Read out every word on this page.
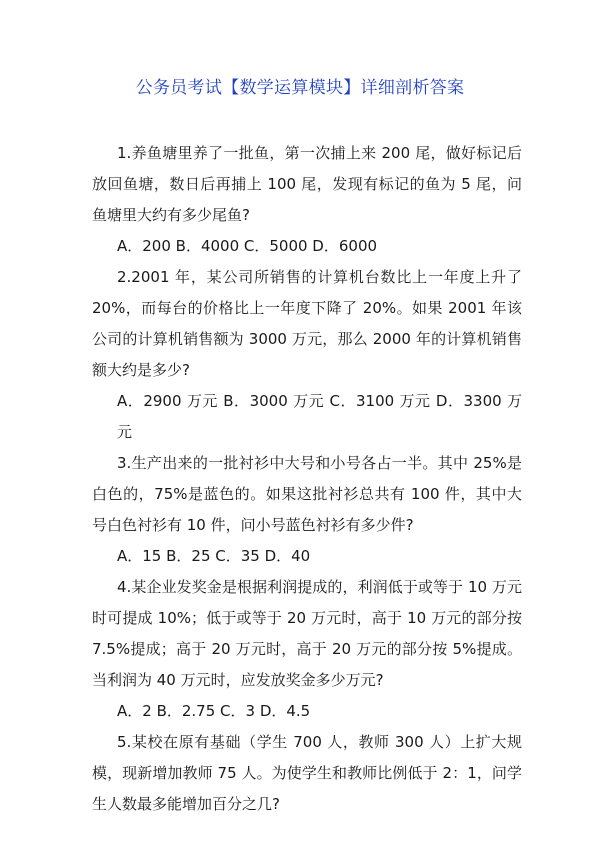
公务员考试【数学运算模块】详细剖析答案

1.养鱼塘里养了一批鱼，第一次捕上来 200 尾，做好标记后放回鱼塘，数日后再捕上 100 尾，发现有标记的鱼为 5 尾，问鱼塘里大约有多少尾鱼?

A．200 B．4000 C．5000 D．6000

2.2001 年，某公司所销售的计算机台数比上一年度上升了 20%，而每台的价格比上一年度下降了 20%。如果 2001 年该公司的计算机销售额为 3000 万元，那么 2000 年的计算机销售额大约是多少?

A．2900 万元 B．3000 万元 C．3100 万元 D．3300 万元

3.生产出来的一批衬衫中大号和小号各占一半。其中 25%是白色的，75%是蓝色的。如果这批衬衫总共有 100 件，其中大号白色衬衫有 10 件，问小号蓝色衬衫有多少件?

A．15 B．25 C．35 D．40

4.某企业发奖金是根据利润提成的，利润低于或等于 10 万元时可提成 10%；低于或等于 20 万元时，高于 10 万元的部分按 7.5%提成；高于 20 万元时，高于 20 万元的部分按 5%提成。当利润为 40 万元时，应发放奖金多少万元?

A．2 B．2.75 C．3 D．4.5

5.某校在原有基础（学生 700 人，教师 300 人）上扩大规模，现新增加教师 75 人。为使学生和教师比例低于 2：1，问学生人数最多能增加百分之几?
